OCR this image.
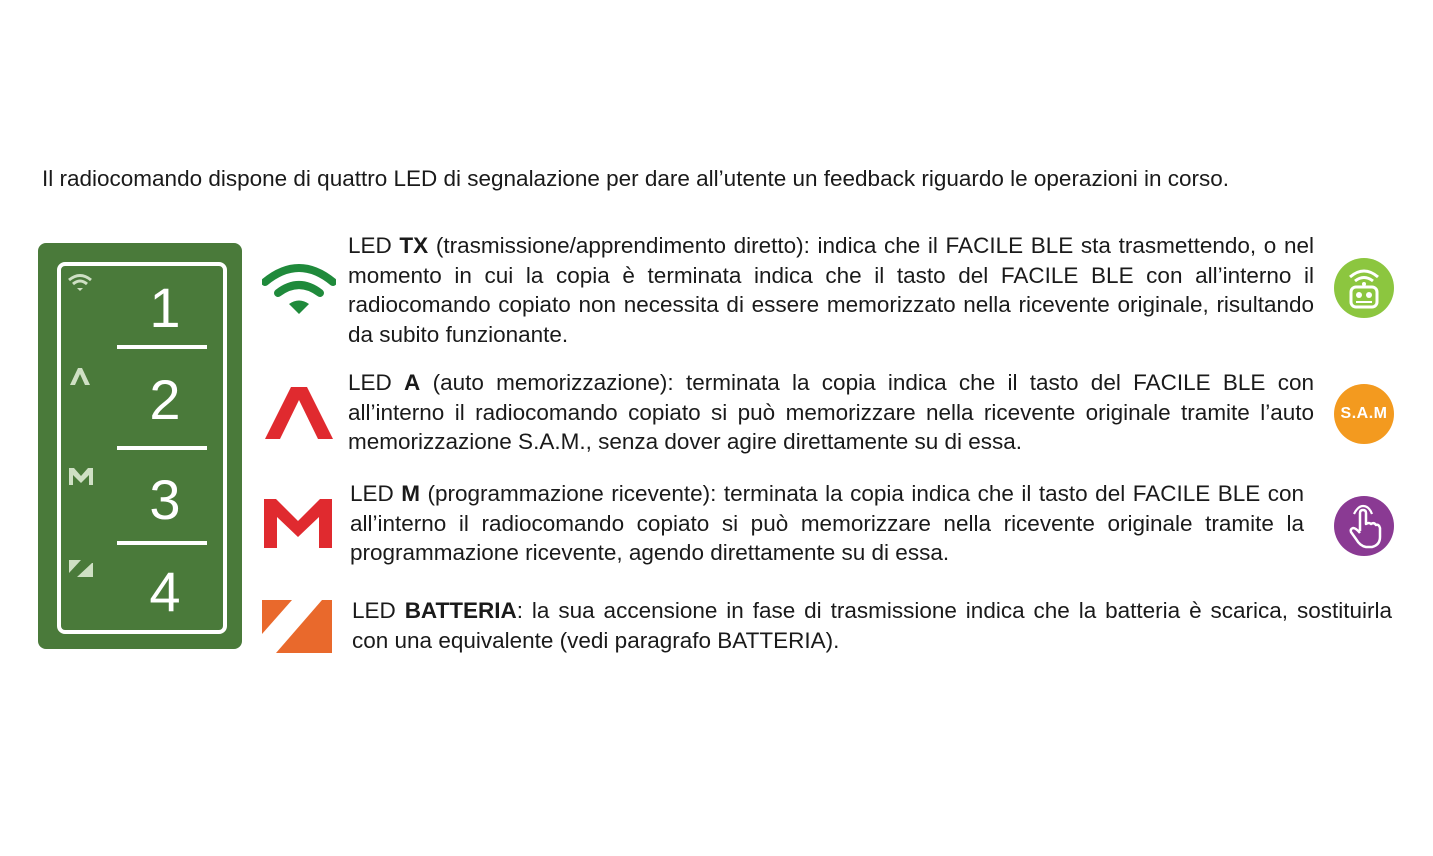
Il radiocomando dispone di quattro LED di segnalazione per dare all’utente un feedback riguardo le operazioni in corso.
1
2
3
4
LED TX (trasmissione/apprendimento diretto): indica che il FACILE BLE sta trasmettendo, o nel momento in cui la copia è terminata indica che il tasto del FACILE BLE con all’interno il radiocomando copiato non necessita di essere memorizzato nella ricevente originale, risultando da subito funzionante.
LED A (auto memorizzazione): terminata la copia indica che il tasto del FACILE BLE con all’interno il radiocomando copiato si può memorizzare nella ricevente originale tramite l’auto memorizzazione S.A.M., senza dover agire direttamente su di essa.
LED M (programmazione ricevente): terminata la copia indica che il tasto del FACILE BLE con all’interno il radiocomando copiato si può memorizzare nella ricevente originale tramite la programmazione ricevente, agendo direttamente su di essa.
LED BATTERIA: la sua accensione in fase di trasmissione indica che la batteria è scarica, sostituirla con una equivalente (vedi paragrafo BATTERIA).
S.A.M
